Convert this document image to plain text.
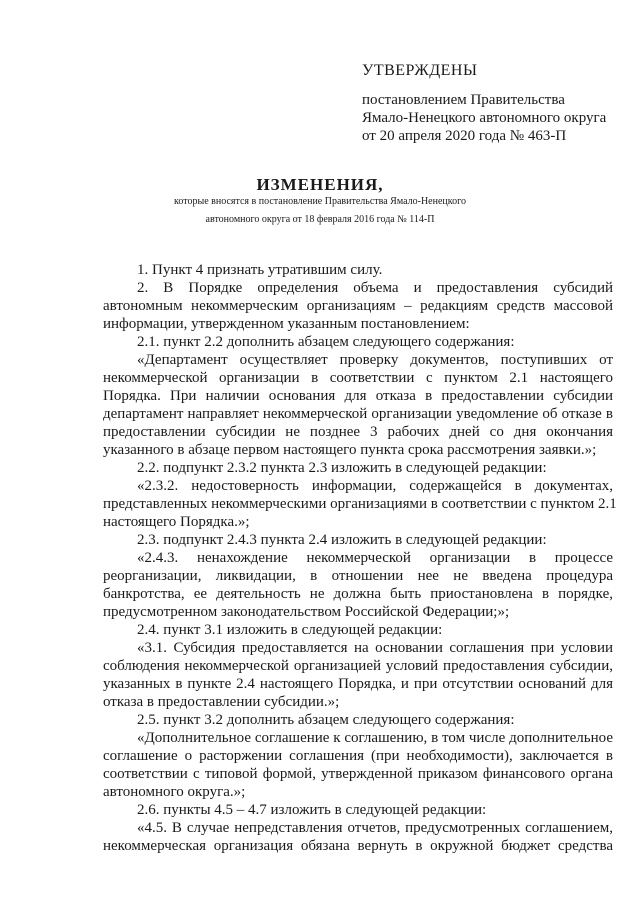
УТВЕРЖДЕНЫ
постановлением Правительства
Ямало-Ненецкого автономного округа
от 20 апреля 2020 года № 463-П
ИЗМЕНЕНИЯ,
которые вносятся в постановление Правительства Ямало-Ненецкого
автономного округа от 18 февраля 2016 года № 114-П
1. Пункт 4 признать утратившим силу.
2. В Порядке определения объема и предоставления субсидий
автономным некоммерческим организациям – редакциям средств массовой
информации, утвержденном указанным постановлением:
2.1. пункт 2.2 дополнить абзацем следующего содержания:
«Департамент осуществляет проверку документов, поступивших от
некоммерческой организации в соответствии с пунктом 2.1 настоящего
Порядка. При наличии основания для отказа в предоставлении субсидии
департамент направляет некоммерческой организации уведомление об отказе в
предоставлении субсидии не позднее 3 рабочих дней со дня окончания
указанного в абзаце первом настоящего пункта срока рассмотрения заявки.»;
2.2. подпункт 2.3.2 пункта 2.3 изложить в следующей редакции:
«2.3.2. недостоверность информации, содержащейся в документах,
представленных некоммерческими организациями в соответствии с пунктом 2.1
настоящего Порядка.»;
2.3. подпункт 2.4.3 пункта 2.4 изложить в следующей редакции:
«2.4.3. ненахождение некоммерческой организации в процессе
реорганизации, ликвидации, в отношении нее не введена процедура
банкротства, ее деятельность не должна быть приостановлена в порядке,
предусмотренном законодательством Российской Федерации;»;
2.4. пункт 3.1 изложить в следующей редакции:
«3.1. Субсидия предоставляется на основании соглашения при условии
соблюдения некоммерческой организацией условий предоставления субсидии,
указанных в пункте 2.4 настоящего Порядка, и при отсутствии оснований для
отказа в предоставлении субсидии.»;
2.5. пункт 3.2 дополнить абзацем следующего содержания:
«Дополнительное соглашение к соглашению, в том числе дополнительное
соглашение о расторжении соглашения (при необходимости), заключается в
соответствии с типовой формой, утвержденной приказом финансового органа
автономного округа.»;
2.6. пункты 4.5 – 4.7 изложить в следующей редакции:
«4.5. В случае непредставления отчетов, предусмотренных соглашением,
некоммерческая организация обязана вернуть в окружной бюджет средства
